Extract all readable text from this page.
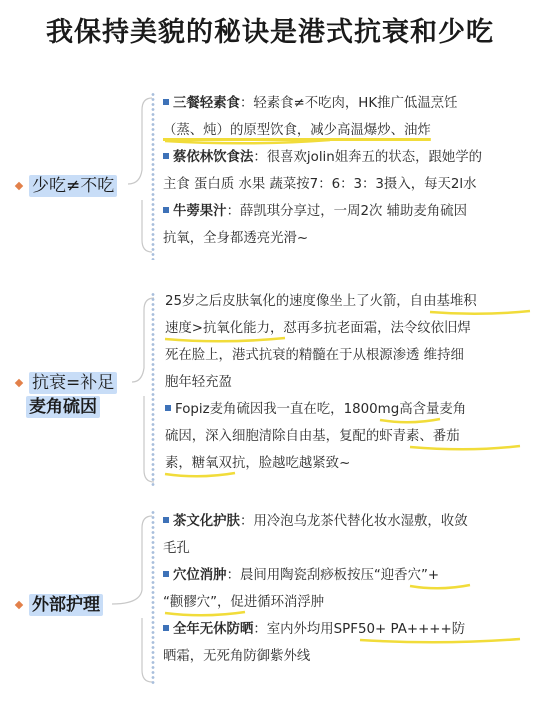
我保持美貌的秘诀是港式抗衰和少吃
少吃≠不吃
三餐轻素食：轻素食≠不吃肉，HK推广低温烹饪
（蒸、炖）的原型饮食，减少高温爆炒、油炸
蔡依林饮食法：很喜欢jolin姐奔五的状态，跟她学的
主食 蛋白质 水果 蔬菜按7：6：3：3摄入，每天2l水
牛蒡果汁：薛凯琪分享过，一周2次 辅助麦角硫因
抗氧，全身都透亮光滑~
抗衰=补足
麦角硫因
25岁之后皮肤氧化的速度像坐上了火箭，自由基堆积
速度>抗氧化能力，怼再多抗老面霜，法令纹依旧焊
死在脸上，港式抗衰的精髓在于从根源渗透 维持细
胞年轻充盈
Fopiz麦角硫因我一直在吃，1800mg高含量麦角
硫因，深入细胞清除自由基，复配的虾青素、番茄
素，糖氧双抗，脸越吃越紧致~
外部护理
茶文化护肤：用冷泡乌龙茶代替化妆水湿敷，收敛
毛孔
穴位消肿：晨间用陶瓷刮痧板按压“迎香穴”+
“颧髎穴”，促进循环消浮肿
全年无休防晒：室内外均用SPF50+ PA++++防
晒霜，无死角防御紫外线
